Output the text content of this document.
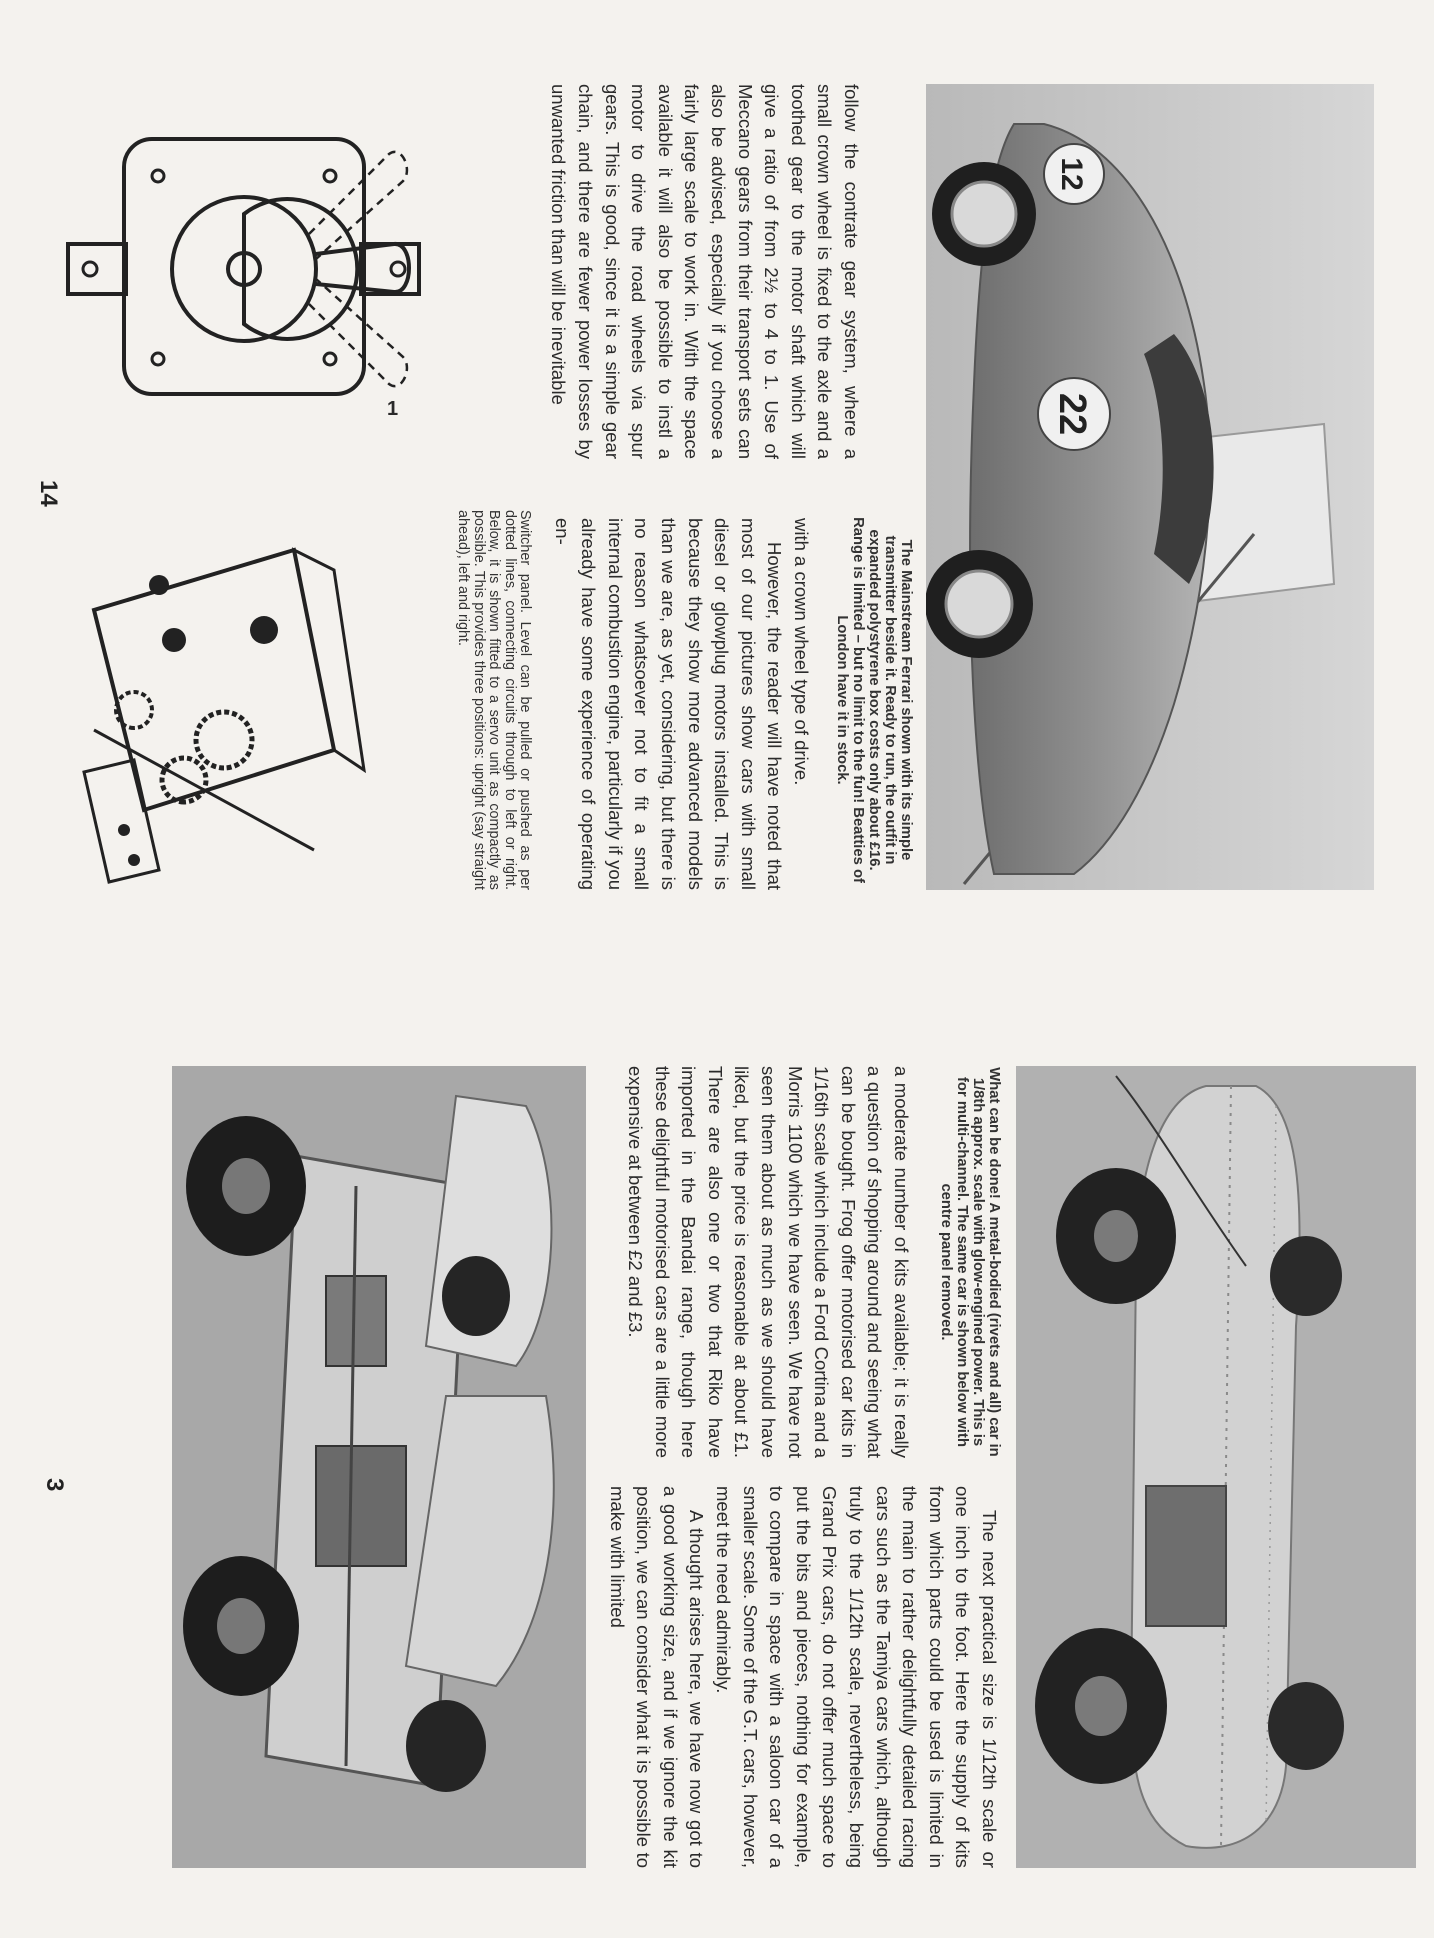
22
12

follow the contrate gear system, where a small crown wheel is fixed to the axle and a toothed gear to the motor shaft which will give a ratio of from 2½ to 4 to 1. Use of Meccano gears from their transport sets can also be advised, especially if you choose a fairly large scale to work in. With the space available it will also be possible to instl a motor to drive the road wheels via spur gears. This is good, since it is a simple gear chain, and there are fewer power losses by unwanted friction than will be inevitable

The Mainstream Ferrari shown with its simple transmitter beside it. Ready to run, the outfit in expanded polystyrene box costs only about £16. Range is limited – but no limit to the fun! Beatties of London have it in stock.

with a crown wheel type of drive.

However, the reader will have noted that most of our pictures show cars with small diesel or glowplug motors installed. This is because they show more advanced models than we are, as yet, considering, but there is no reason whatsoever not to fit a small internal combustion engine, particularly if you already have some experience of operating en-

Switcher panel. Level can be pulled or pushed as per dotted lines, connecting circuits through to left or right. Below, it is shown fitted to a servo unit as compactly as possible. This provides three positions: upright (say straight ahead), left and right.
1
14
What can be done! A metal-bodied (rivets and all) car in 1/8th approx. scale with glow-engined power. This is for multi-channel. The same car is shown below with centre panel removed.

a moderate number of kits available; it is really a question of shopping around and seeing what can be bought. Frog offer motorised car kits in 1/16th scale which include a Ford Cortina and a Morris 1100 which we have seen. We have not seen them about as much as we should have liked, but the price is reasonable at about £1. There are also one or two that Riko have imported in the Bandai range, though here these delightful motorised cars are a little more expensive at between £2 and £3.

The next practical size is 1/12th scale or one inch to the foot. Here the supply of kits from which parts could be used is limited in the main to rather delightfully detailed racing cars such as the Tamiya cars which, although truly to the 1/12th scale, nevertheless, being Grand Prix cars, do not offer much space to put the bits and pieces, nothing for example, to compare in space with a saloon car of a smaller scale. Some of the G.T. cars, however, meet the need admirably.

A thought arises here, we have now got to a good working size, and if we ignore the kit position, we can consider what it is possible to make with limited

3
